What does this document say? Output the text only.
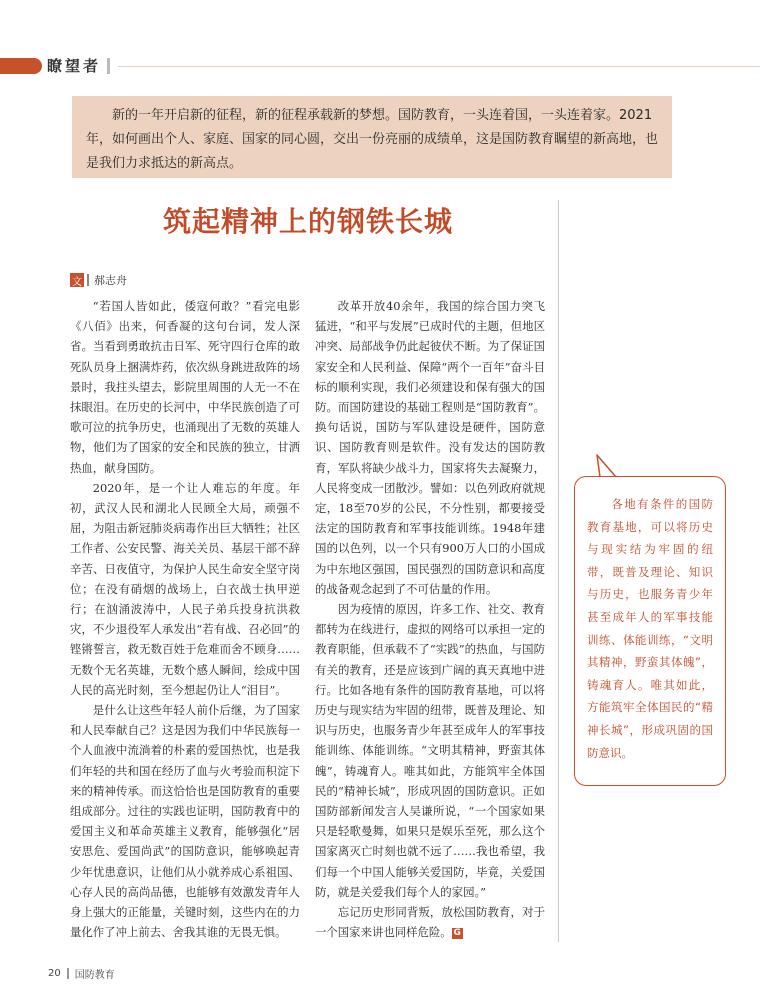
瞭望者
新的一年开启新的征程，新的征程承载新的梦想。国防教育，一头连着国，一头连着家。2021年，如何画出个人、家庭、国家的同心圆，交出一份亮丽的成绩单，这是国防教育瞩望的新高地，也是我们力求抵达的新高点。
筑起精神上的钢铁长城
文 郝志舟

“若国人皆如此，倭寇何敢？”看完电影《八佰》出来，何香凝的这句台词，发人深省。当看到勇敢抗击日军、死守四行仓库的敢死队员身上捆满炸药，依次纵身跳进敌阵的场景时，我拄头望去，影院里周围的人无一不在抹眼泪。在历史的长河中，中华民族创造了可歌可泣的抗争历史，也涌现出了无数的英雄人物，他们为了国家的安全和民族的独立，甘洒热血，献身国防。

2020年，是一个让人难忘的年度。年初，武汉人民和湖北人民顾全大局，顽强不屈，为阻击新冠肺炎病毒作出巨大牺牲；社区工作者、公安民警、海关关员、基层干部不辞辛苦、日夜值守，为保护人民生命安全坚守岗位；在没有硝烟的战场上，白衣战士执甲逆行；在汹涌波涛中，人民子弟兵投身抗洪救灾，不少退役军人承发出“若有战、召必回”的铿锵誓言，救无数百姓于危难而舍不顾身……无数个无名英雄，无数个感人瞬间，绘成中国人民的高光时刻，至今想起仍让人“泪目”。

是什么让这些年轻人前仆后继，为了国家和人民奉献自己？这是因为我们中华民族每一个人血液中流淌着的朴素的爱国热忱，也是我们年轻的共和国在经历了血与火考验而积淀下来的精神传承。而这恰恰也是国防教育的重要组成部分。过往的实践也证明，国防教育中的爱国主义和革命英雄主义教育，能够强化“居安思危、爱国尚武”的国防意识，能够唤起青少年忧患意识，让他们从小就养成心系祖国、心存人民的高尚品德，也能够有效激发青年人身上强大的正能量，关键时刻，这些内在的力量化作了冲上前去、舍我其谁的无畏无惧。

改革开放40余年，我国的综合国力突飞猛进，“和平与发展”已成时代的主题，但地区冲突、局部战争仍此起彼伏不断。为了保证国家安全和人民利益、保障“两个一百年”奋斗目标的顺利实现，我们必须建设和保有强大的国防。而国防建设的基础工程则是“国防教育”。换句话说，国防与军队建设是硬件，国防意识、国防教育则是软件。没有发达的国防教育，军队将缺少战斗力，国家将失去凝聚力，人民将变成一团散沙。譬如：以色列政府就规定，18至70岁的公民，不分性别，都要接受法定的国防教育和军事技能训练。1948年建国的以色列，以一个只有900万人口的小国成为中东地区强国，国民强烈的国防意识和高度的战备观念起到了不可估量的作用。

因为疫情的原因，许多工作、社交、教育都转为在线进行，虚拟的网络可以承担一定的教育职能，但承载不了“实践”的热血，与国防有关的教育，还是应该到广阔的真天真地中进行。比如各地有条件的国防教育基地，可以将历史与现实结为牢固的纽带，既普及理论、知识与历史，也服务青少年甚至成年人的军事技能训练、体能训练。“文明其精神，野蛮其体魄”，铸魂育人。唯其如此，方能筑牢全体国民的“精神长城”，形成巩固的国防意识。正如国防部新闻发言人吴谦所说，“一个国家如果只是轻歌曼舞，如果只是娱乐至死，那么这个国家离灭亡时刻也就不远了……我也希望，我们每一个中国人能够关爱国防，毕竟，关爱国防，就是关爱我们每个人的家园。”

忘记历史形同背叛，放松国防教育，对于一个国家来讲也同样危险。 G

各地有条件的国防教育基地，可以将历史与现实结为牢固的纽带，既普及理论、知识与历史，也服务青少年甚至成年人的军事技能训练、体能训练，“文明其精神，野蛮其体魄”，铸魂育人。唯其如此，方能筑牢全体国民的“精神长城”，形成巩固的国防意识。
20 国防教育
